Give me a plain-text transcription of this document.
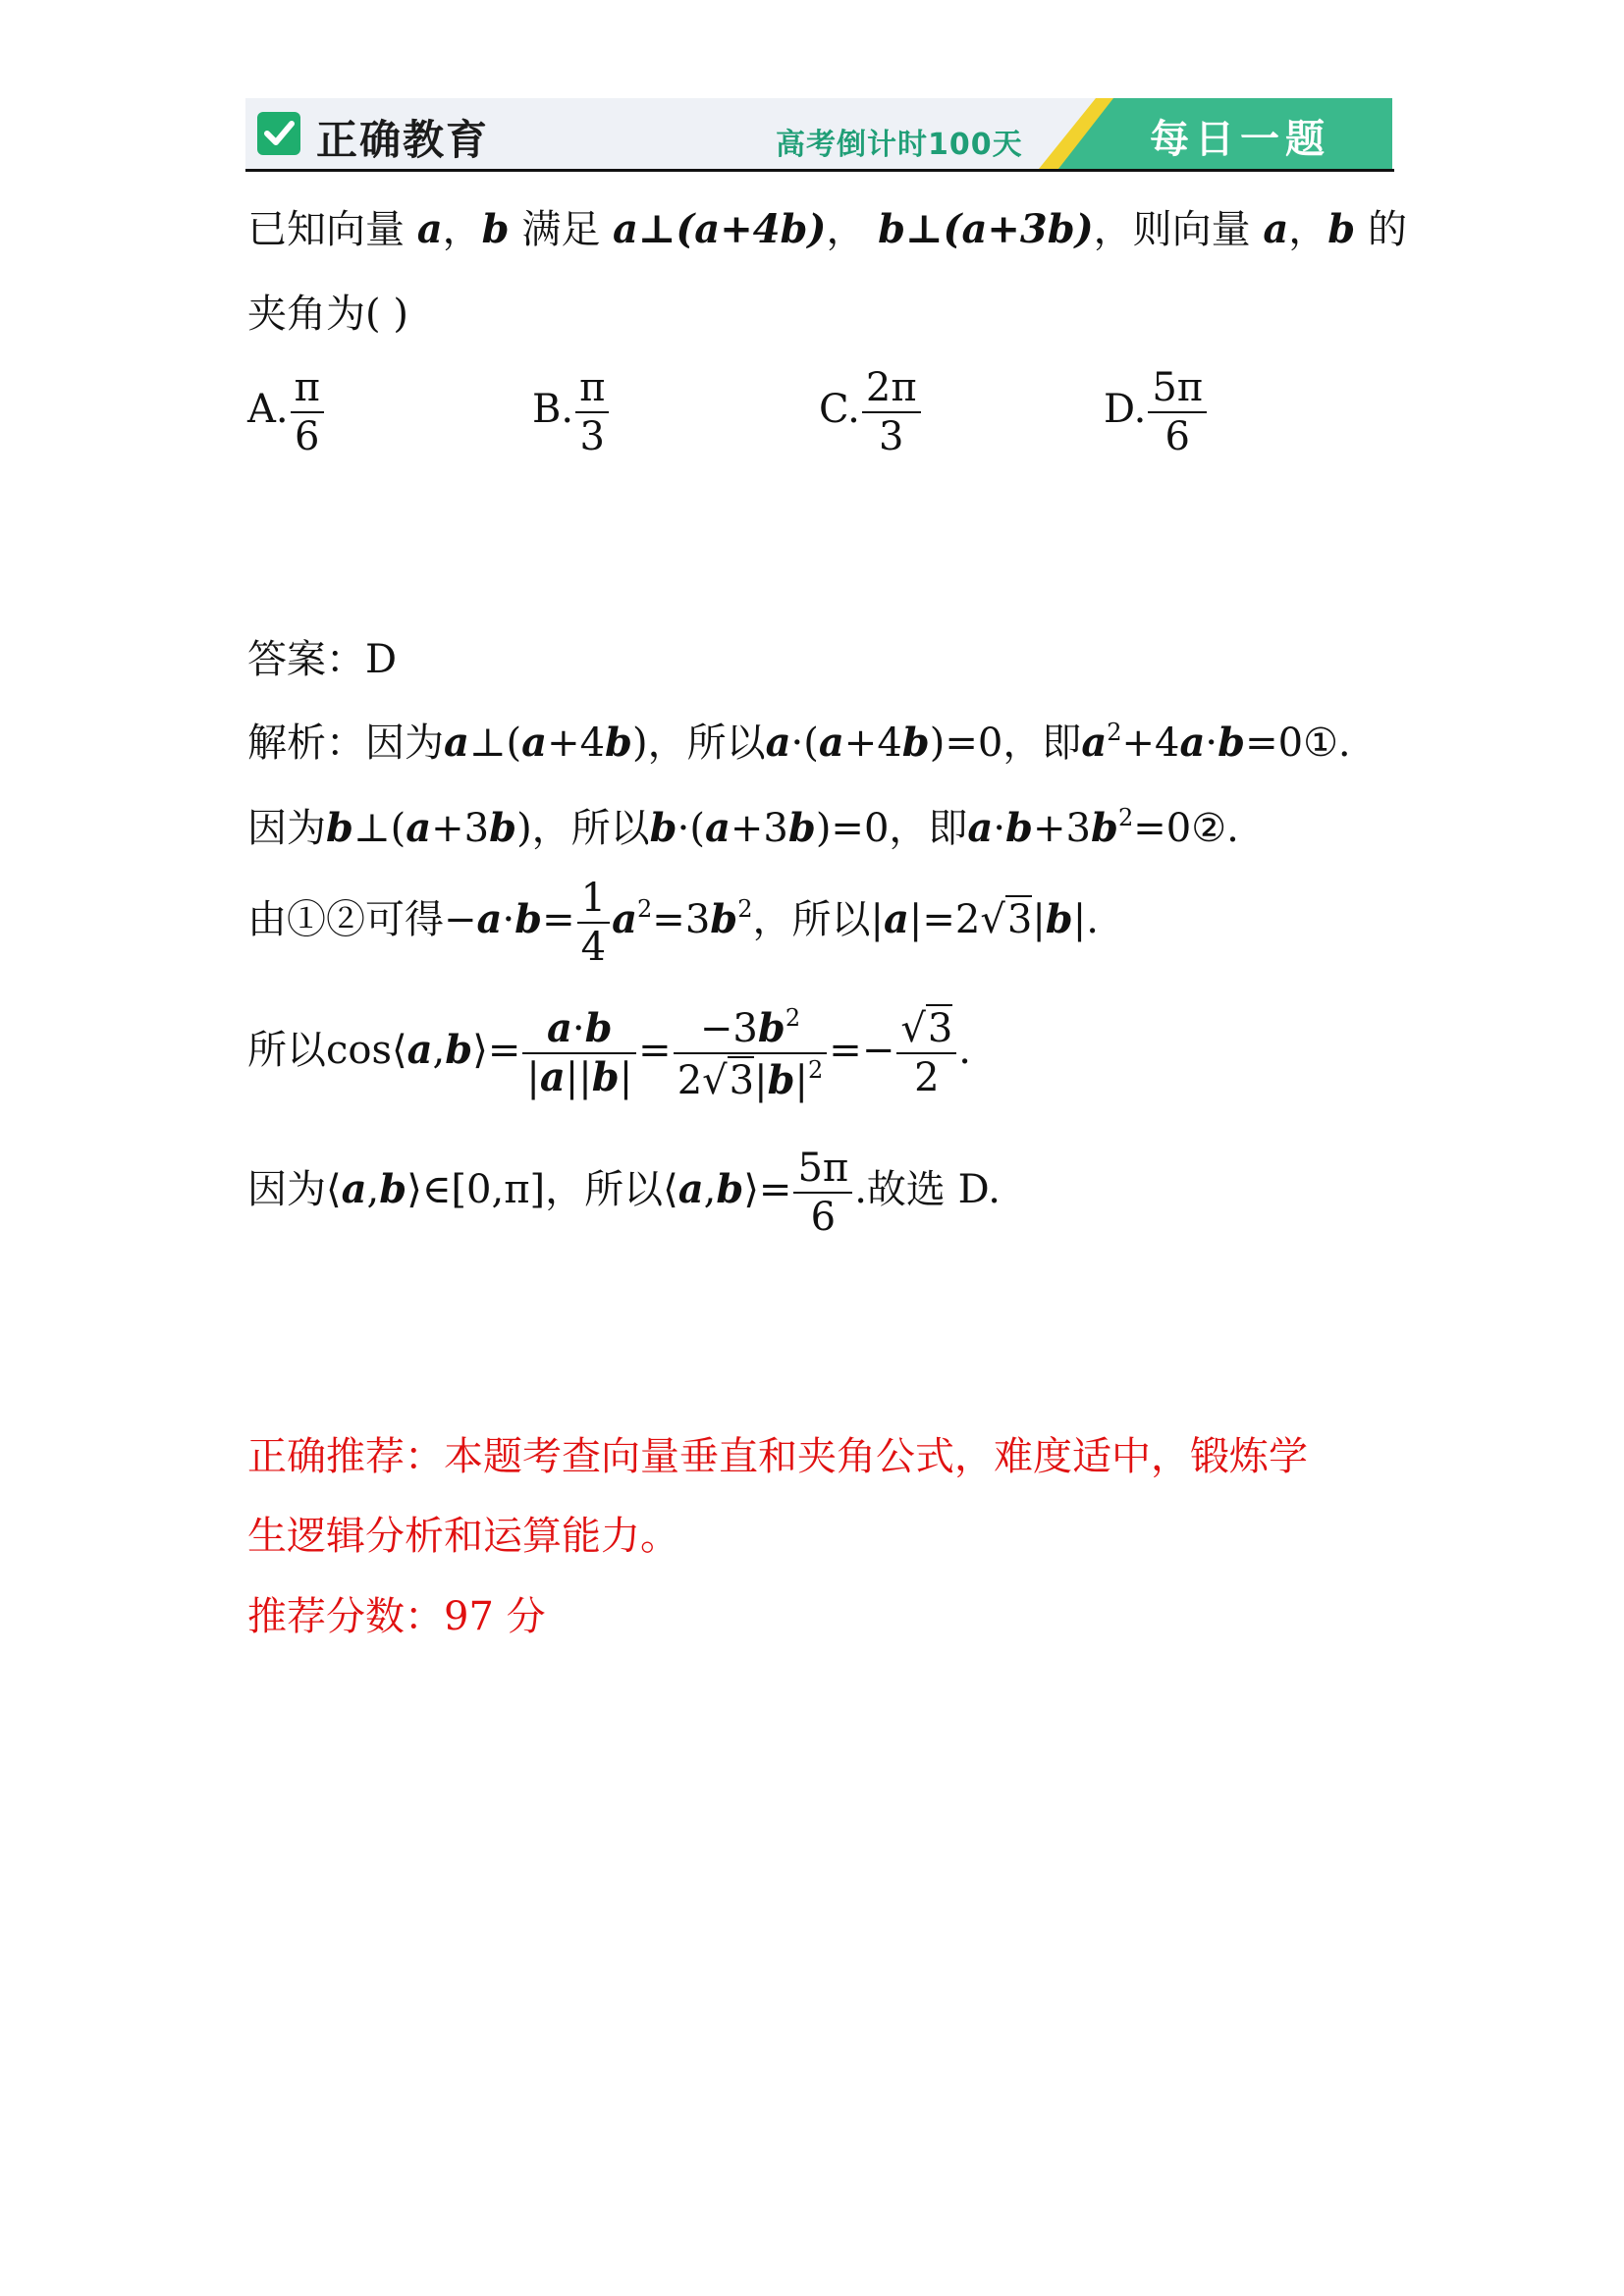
正确教育	高考倒计时100天	每日一题
已知向量 a，b 满足 a⊥(a+4b)， b⊥(a+3b)，则向量 a，b 的
夹角为( )
A. $\frac{\pi}{6}$	B. $\frac{\pi}{3}$	C. $\frac{2\pi}{3}$	D. $\frac{5\pi}{6}$
答案：D
解析：因为a⊥(a+4b)，所以a·(a+4b)=0，即$a^2+4a\cdot b=0①$.
因为b⊥(a+3b)，所以b·(a+3b)=0，即$a\cdot b+3b^2=0②$.
由①②可得$-a\cdot b= \frac{1}{4} a^2=3b^2$，所以|a|=2√3|b|.
所以cos⟨a,b⟩= $\frac{a\cdot b}{|a||b|} = \frac{-3b^2}{2√3|b|^2} =- \frac{√3}{2}$ .
因为⟨a,b⟩∈[0,π]，所以⟨a,b⟩= $\frac{5\pi}{6}$ .故选 D.
正确推荐：本题考查向量垂直和夹角公式，难度适中，锻炼学
生逻辑分析和运算能力。
推荐分数：97 分
